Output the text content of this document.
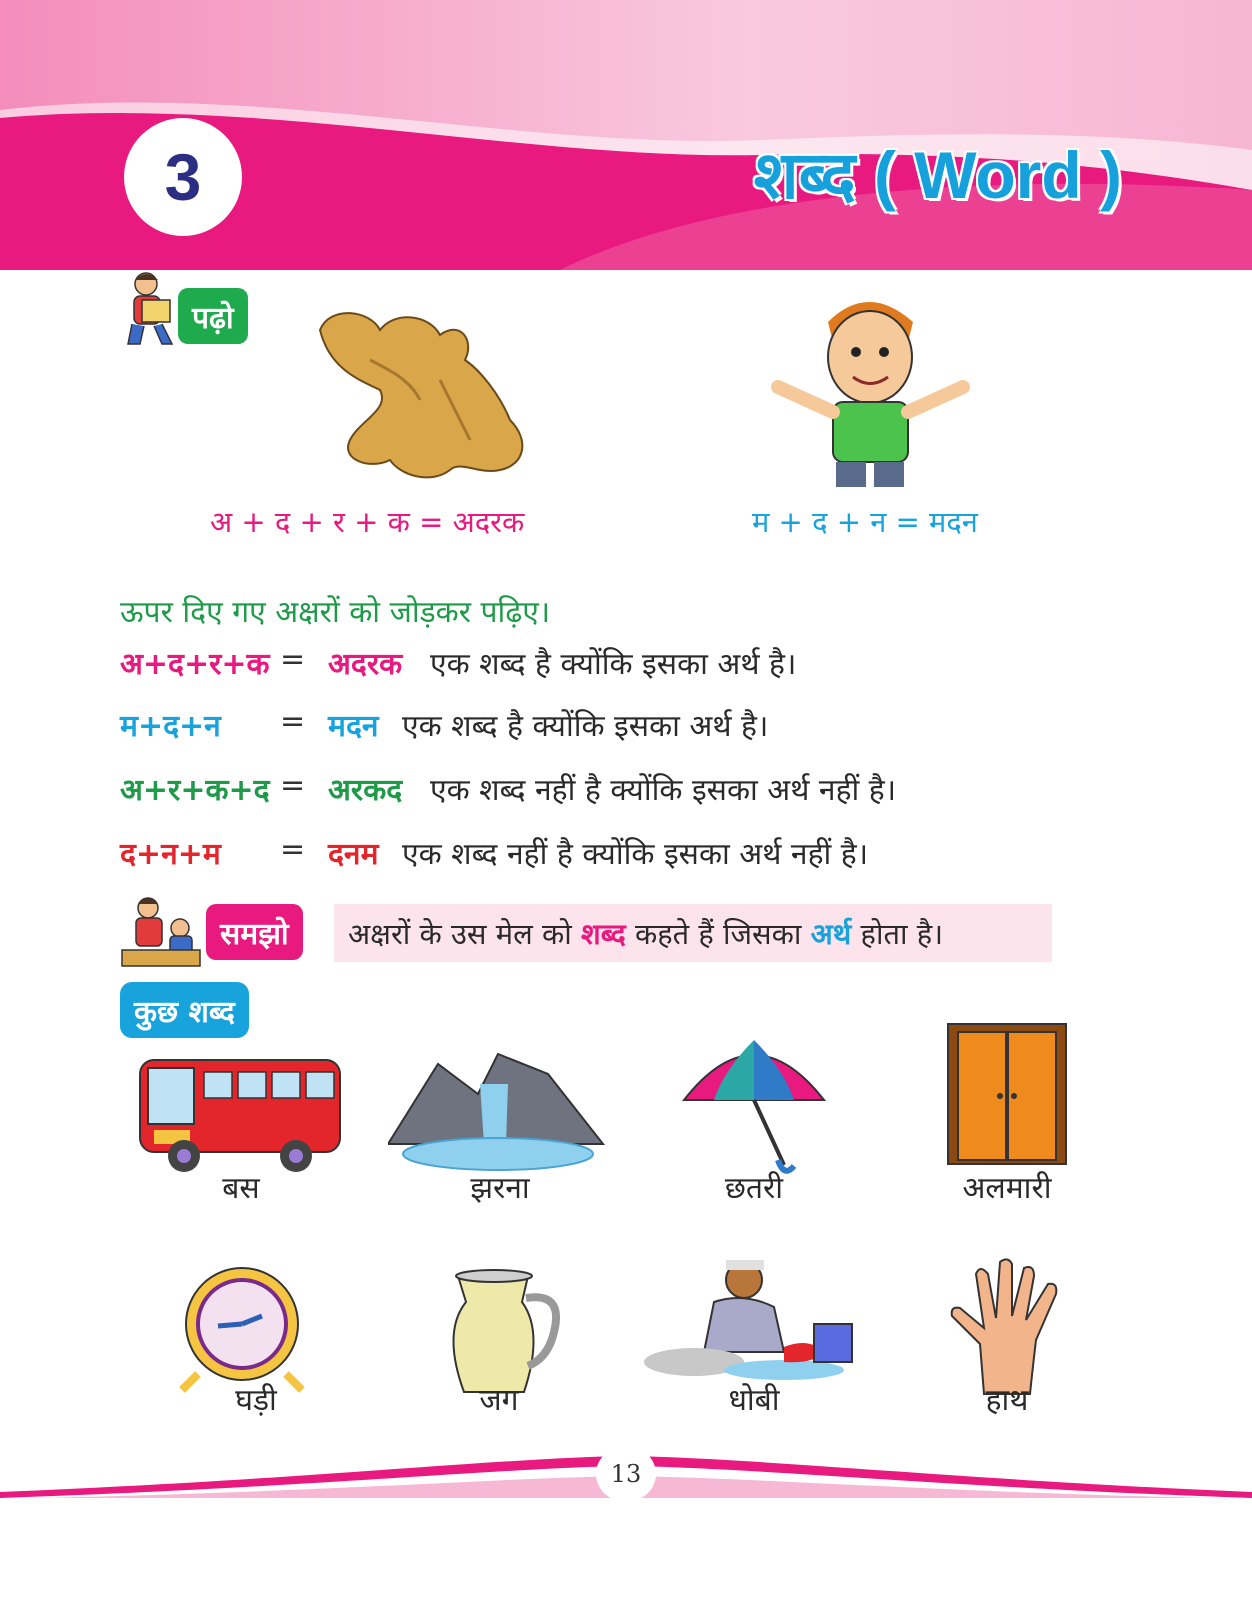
3	शब्द ( Word )
पढ़ो
अ + द + र + क = अदरक	म + द + न = मदन
ऊपर दिए गए अक्षरों को जोड़कर पढ़िए।
अ+द+र+क = अदरक एक शब्द है क्योंकि इसका अर्थ है।
म+द+न = मदन एक शब्द है क्योंकि इसका अर्थ है।
अ+र+क+द = अरकद एक शब्द नहीं है क्योंकि इसका अर्थ नहीं है।
द+न+म = दनम एक शब्द नहीं है क्योंकि इसका अर्थ नहीं है।
समझो	अक्षरों के उस मेल को
शब्द
कहते हैं जिसका
अर्थ
होता है।
कुछ शब्द
बस	झरना	छतरी	अलमारी
घड़ी	जग	धोबी	हाथ
13
